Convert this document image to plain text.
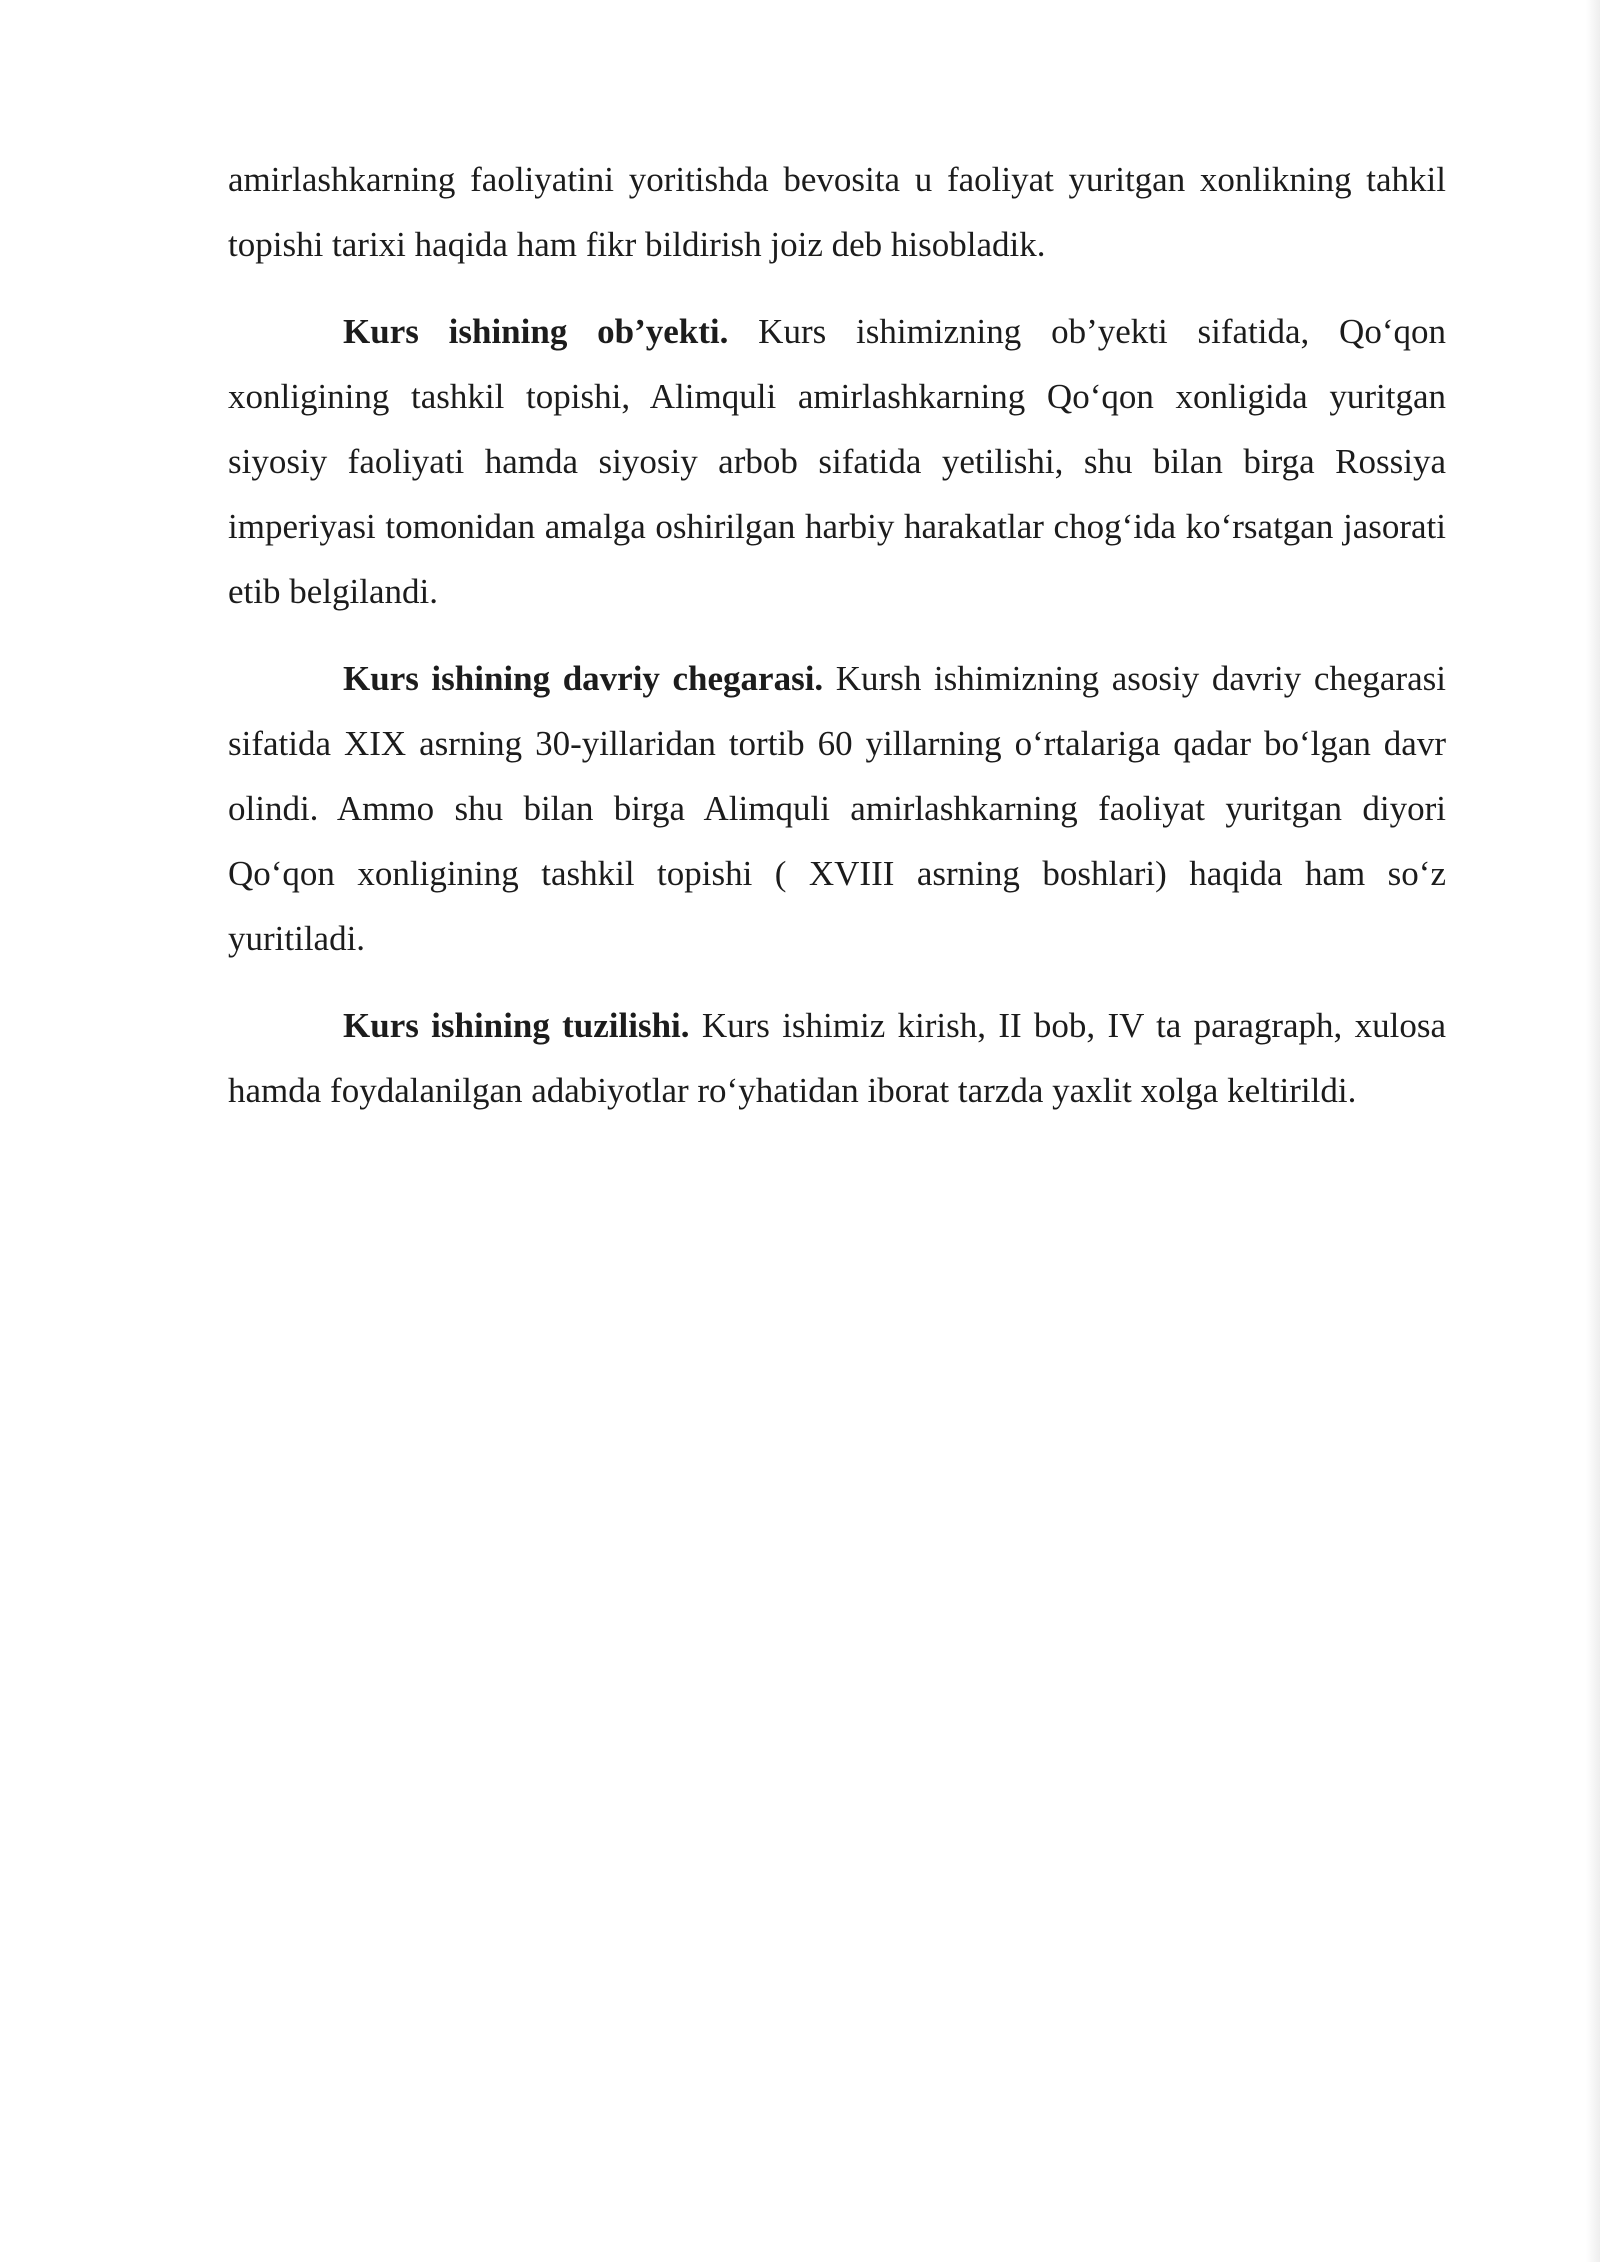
amirlashkarning faoliyatini yoritishda bevosita u faoliyat yuritgan xonlikning tahkil topishi tarixi haqida ham fikr bildirish joiz deb hisobladik.

Kurs ishining ob’yekti. Kurs ishimizning ob’yekti sifatida, Qo‘qon xonligining tashkil topishi, Alimquli amirlashkarning Qo‘qon xonligida yuritgan siyosiy faoliyati hamda siyosiy arbob sifatida yetilishi, shu bilan birga Rossiya imperiyasi tomonidan amalga oshirilgan harbiy harakatlar chog‘ida ko‘rsatgan jasorati etib belgilandi.

Kurs ishining davriy chegarasi. Kursh ishimizning asosiy davriy chegarasi sifatida XIX asrning 30-yillaridan tortib 60 yillarning o‘rtalariga qadar bo‘lgan davr olindi. Ammo shu bilan birga Alimquli amirlashkarning faoliyat yuritgan diyori Qo‘qon xonligining tashkil topishi ( XVIII asrning boshlari) haqida ham so‘z yuritiladi.

Kurs ishining tuzilishi. Kurs ishimiz kirish, II bob, IV ta paragraph, xulosa hamda foydalanilgan adabiyotlar ro‘yhatidan iborat tarzda yaxlit xolga keltirildi.
